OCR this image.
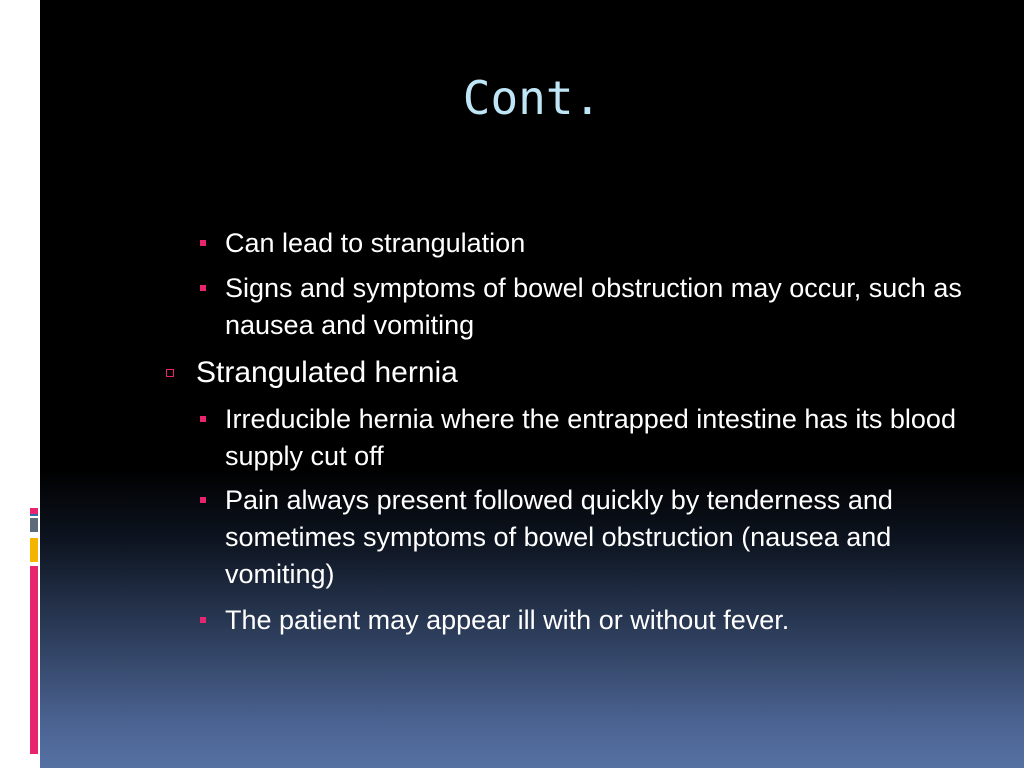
Cont.
Can lead to strangulation
Signs and symptoms of bowel obstruction may occur, such as nausea and vomiting
Strangulated hernia
Irreducible hernia where the entrapped intestine has its blood supply cut off
Pain always present followed quickly by tenderness and sometimes symptoms of bowel obstruction (nausea and vomiting)
The patient may appear ill with or without fever.
